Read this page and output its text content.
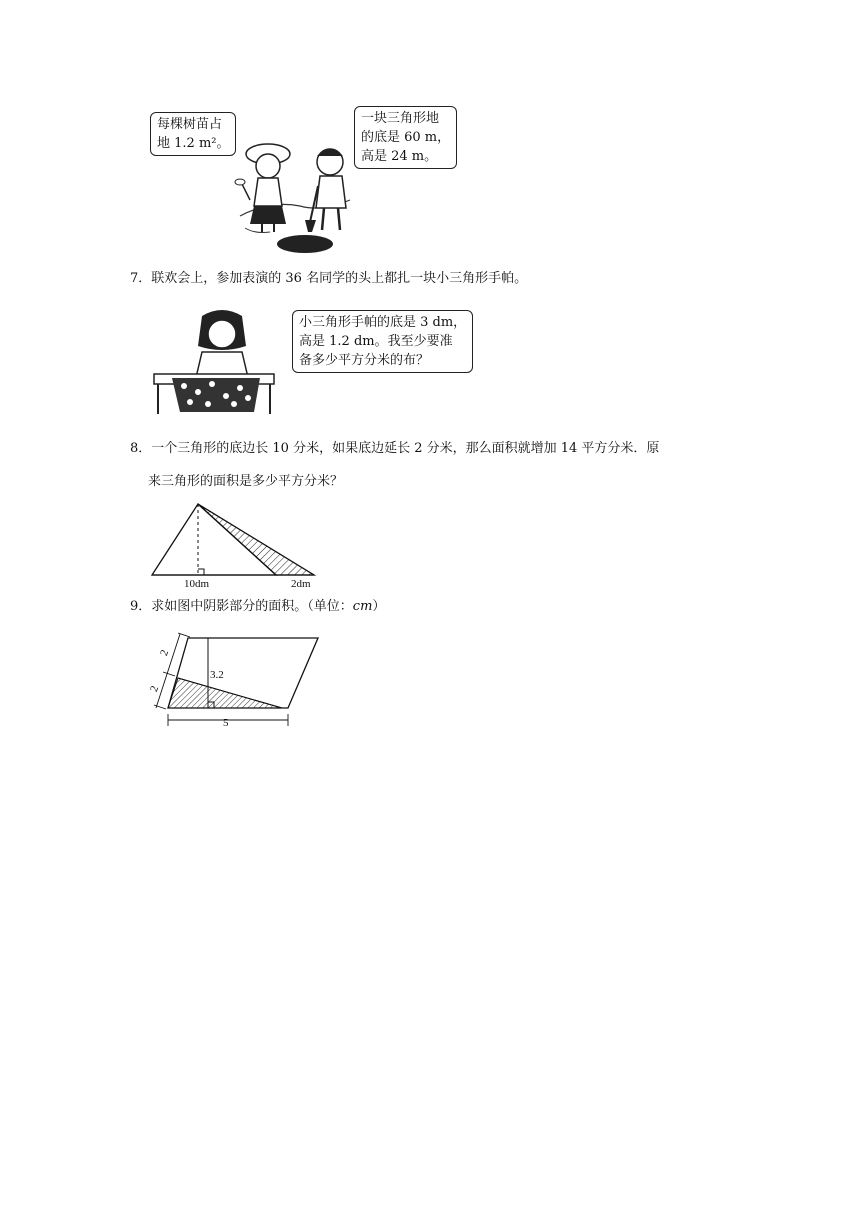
每棵树苗占
地 1.2 m²。
一块三角形地
的底是 60 m，
高是 24 m。
7．联欢会上，参加表演的 36 名同学的头上都扎一块小三角形手帕。
小三角形手帕的底是 3 dm，
高是 1.2 dm。我至少要准
备多少平方分米的布？
8．一个三角形的底边长 10 分米，如果底边延长 2 分米，那么面积就增加 14 平方分米．原
来三角形的面积是多少平方分米？
10dm	2dm
9．求如图中阴影部分的面积。（单位：cm）
3.2
5
2
2
